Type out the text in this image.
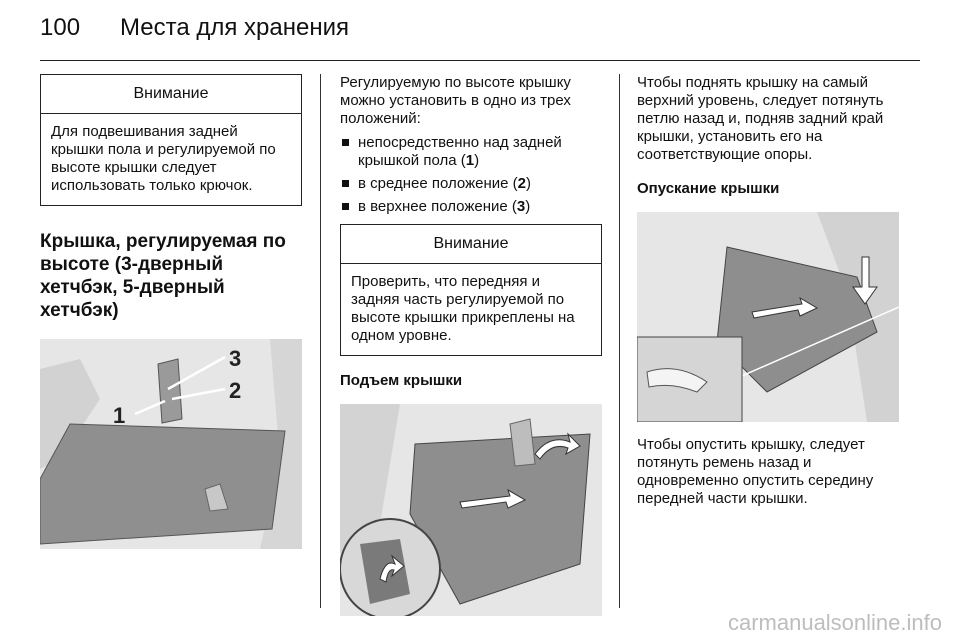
100 Места для хранения
Внимание
Для подвешивания задней крышки пола и регулируемой по высоте крышки следует использовать только крючок.
Крышка, регулируемая по высоте (3-дверный хетчбэк, 5-дверный хетчбэк)
3
2
1

Регулируемую по высоте крышку можно установить в одно из трех положений:

непосредственно над задней крышкой пола (1)
в среднее положение (2)
в верхнее положение (3)
Внимание
Проверить, что передняя и задняя часть регулируемой по высоте крышки прикреплены на одном уровне.
Подъем крышки

Чтобы поднять крышку на самый верхний уровень, следует потянуть петлю назад и, подняв задний край крышки, установить его на соответствующие опоры.

Опускание крышки

Чтобы опустить крышку, следует потянуть ремень назад и одновременно опустить середину передней части крышки.

carmanualsonline.info
